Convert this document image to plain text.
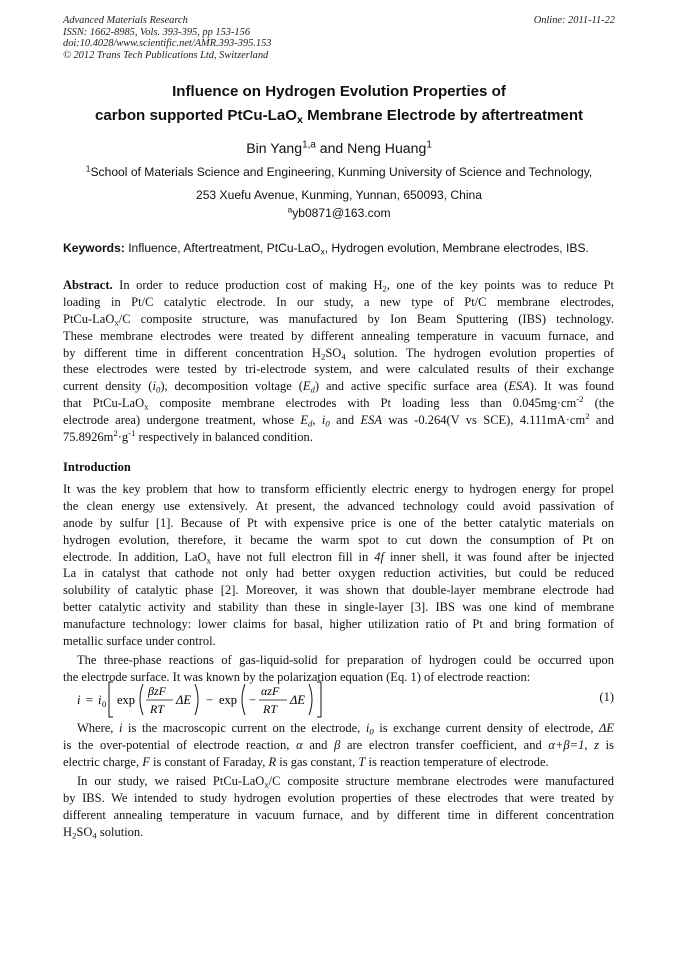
Advanced Materials Research
ISSN: 1662-8985, Vols. 393-395, pp 153-156
doi:10.4028/www.scientific.net/AMR.393-395.153
© 2012 Trans Tech Publications Ltd, Switzerland
Online: 2011-11-22
Influence on Hydrogen Evolution Properties of
carbon supported PtCu-LaO$_x$ Membrane Electrode by aftertreatment
Bin Yang$^{1,a}$ and Neng Huang$^1$
$^1$School of Materials Science and Engineering, Kunming University of Science and Technology,
253 Xuefu Avenue, Kunming, Yunnan, 650093, China
$^a$yb0871@163.com
Keywords: Influence, Aftertreatment, PtCu-LaO$_x$, Hydrogen evolution, Membrane electrodes, IBS.
Abstract. In order to reduce production cost of making $H_2$, one of the key points was to reduce Pt
loading in Pt/C catalytic electrode. In our study, a new type of Pt/C membrane electrodes,
PtCu-LaO$_x$/C composite structure, was manufactured by Ion Beam Sputtering (IBS) technology.
These membrane electrodes were treated by different annealing temperature in vacuum furnace, and
by different time in different concentration $H_2SO_4$ solution. The hydrogen evolution properties of
these electrodes were tested by tri-electrode system, and were calculated results of their exchange
current density $(i_0)$, decomposition voltage $(E_d)$ and active specific surface area (ESA). It was found
that PtCu-LaO$_x$ composite membrane electrodes with Pt loading less than $0.045mg\cdot cm^{-2}$ (the
electrode area) undergone treatment, whose $E_d$, $i_0$ and ESA was -0.264(V vs SCE), $4.111mA\cdot cm^2$ and
$75.8926m^2\cdot g^{-1}$ respectively in balanced condition.
Introduction
It was the key problem that how to transform efficiently electric energy to hydrogen energy for propel
the clean energy use extensively. At present, the advanced technology could avoid passivation of
anode by sulfur [1]. Because of Pt with expensive price is one of the better catalytic materials on
hydrogen evolution, therefore, it became the warm spot to cut down the consumption of Pt on
electrode. In addition, LaO$_x$ have not full electron fill in 4f inner shell, it was found after be injected
La in catalyst that cathode not only had better oxygen reduction activities, but could be reduced
solubility of catalytic phase [2]. Moreover, it was shown that double-layer membrane electrode had
better catalytic activity and stability than these in single-layer [3]. IBS was one kind of membrane
manufacture technology: lower claims for basal, higher utilization ratio of Pt and bring formation of
metallic surface under control.
The three-phase reactions of gas-liquid-solid for preparation of hydrogen could be occurred upon
the electrode surface. It was known by the polarization equation (Eq. 1) of electrode reaction:
i = i 0 exp
βzF
RT
ΔE − exp −
αzF
RT
ΔE	(1)
Where, i is the macroscopic current on the electrode, $i_0$ is exchange current density of electrode, ΔE
is the over-potential of electrode reaction, α and β are electron transfer coefficient, and α+β=1, z is
electric charge, F is constant of Faraday, R is gas constant, T is reaction temperature of electrode.
In our study, we raised PtCu-LaO$_x$/C composite structure membrane electrodes were manufactured
by IBS. We intended to study hydrogen evolution properties of these electrodes that were treated by
different annealing temperature in vacuum furnace, and by different time in different concentration
$H_2SO_4$ solution.
